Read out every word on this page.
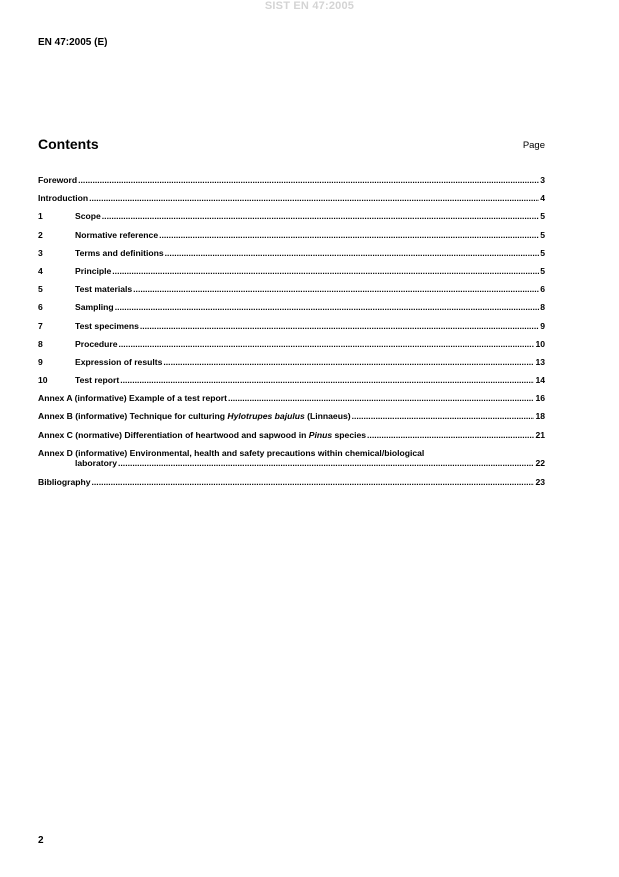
SIST EN 47:2005
EN 47:2005 (E)
Contents	Page
Foreword .....	3
Introduction .....	4
1	Scope .....	5
2	Normative reference .....	5
3	Terms and definitions .....	5
4	Principle .....	5
5	Test materials .....	6
6	Sampling .....	8
7	Test specimens .....	9
8	Procedure .....	10
9	Expression of results .....	13
10	Test report .....	14
Annex A (informative) Example of a test report .....	16
Annex B (informative) Technique for culturing Hylotrupes bajulus (Linnaeus) .....	18
Annex C (normative) Differentiation of heartwood and sapwood in Pinus species .....	21
Annex D (informative) Environmental, health and safety precautions within chemical/biological
laboratory .....	22
Bibliography .....	23
2
